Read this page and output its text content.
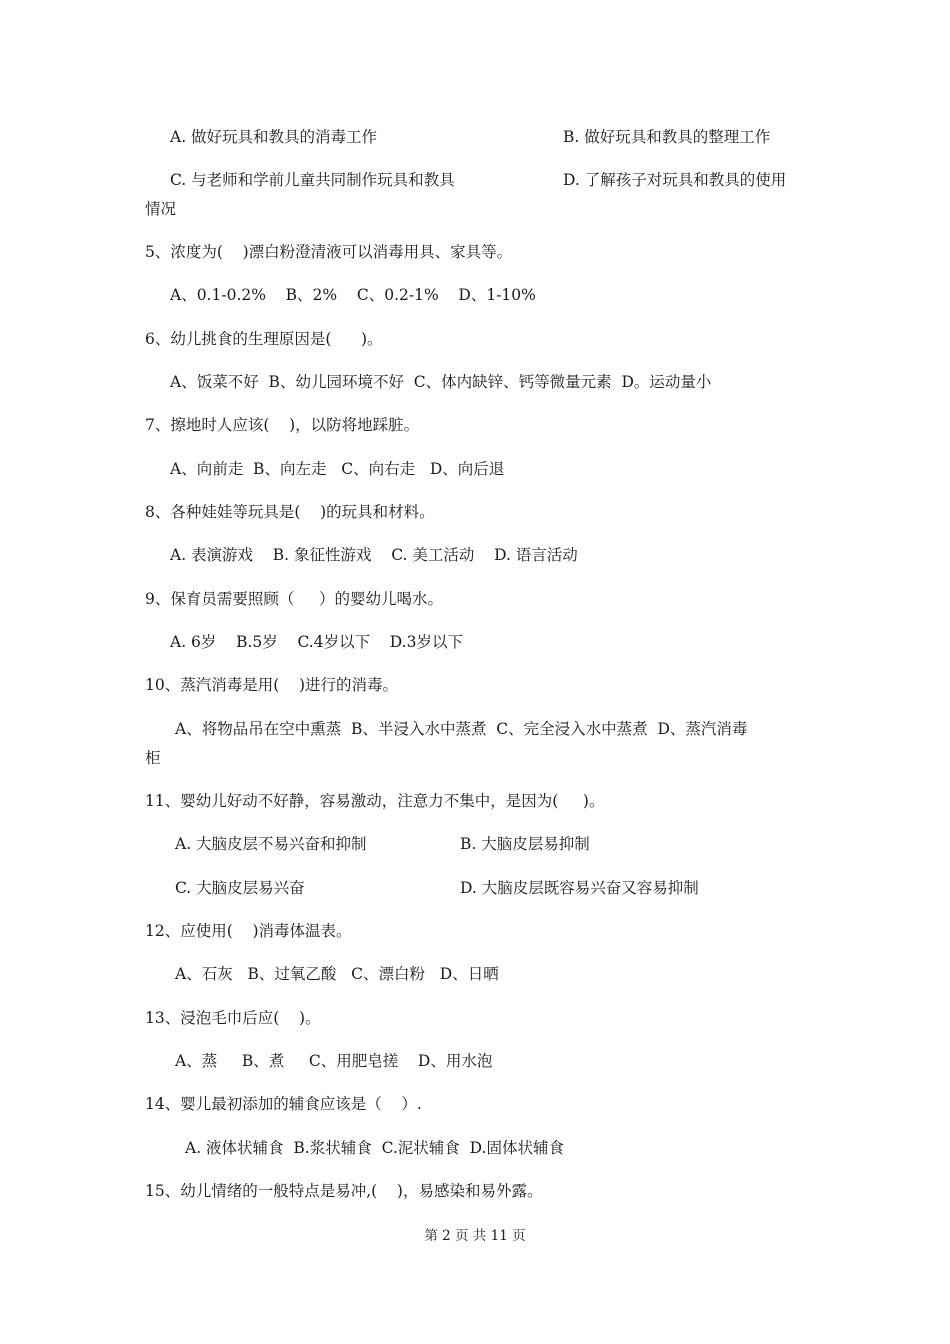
A. 做好玩具和教具的消毒工作	B. 做好玩具和教具的整理工作
C. 与老师和学前儿童共同制作玩具和教具	D. 了解孩子对玩具和教具的使用
情况
5、浓度为(    )漂白粉澄清液可以消毒用具、家具等。
A、0.1-0.2%    B、2%    C、0.2-1%    D、1-10%
6、幼儿挑食的生理原因是(      )。
A、饭菜不好  B、幼儿园环境不好  C、体内缺锌、钙等微量元素  D。运动量小
7、擦地时人应该(    )，以防将地踩脏。
A、向前走  B、向左走   C、向右走   D、向后退
8、各种娃娃等玩具是(    )的玩具和材料。
A. 表演游戏    B. 象征性游戏    C. 美工活动    D. 语言活动
9、保育员需要照顾（     ）的婴幼儿喝水。
A. 6岁    B.5岁    C.4岁以下    D.3岁以下
10、蒸汽消毒是用(    )进行的消毒。
A、将物品吊在空中熏蒸  B、半浸入水中蒸煮  C、完全浸入水中蒸煮  D、蒸汽消毒
柜
11、婴幼儿好动不好静，容易激动，注意力不集中，是因为(     )。
A. 大脑皮层不易兴奋和抑制	B. 大脑皮层易抑制
C. 大脑皮层易兴奋	D. 大脑皮层既容易兴奋又容易抑制
12、应使用(    )消毒体温表。
A、石灰   B、过氧乙酸   C、漂白粉   D、日晒
13、浸泡毛巾后应(    )。
A、蒸     B、煮     C、用肥皂搓    D、用水泡
14、婴儿最初添加的辅食应该是（    ）.
A. 液体状辅食  B.浆状辅食  C.泥状辅食  D.固体状辅食
15、幼儿情绪的一般特点是易冲,(    )，易感染和易外露。
第 2 页 共 11 页
